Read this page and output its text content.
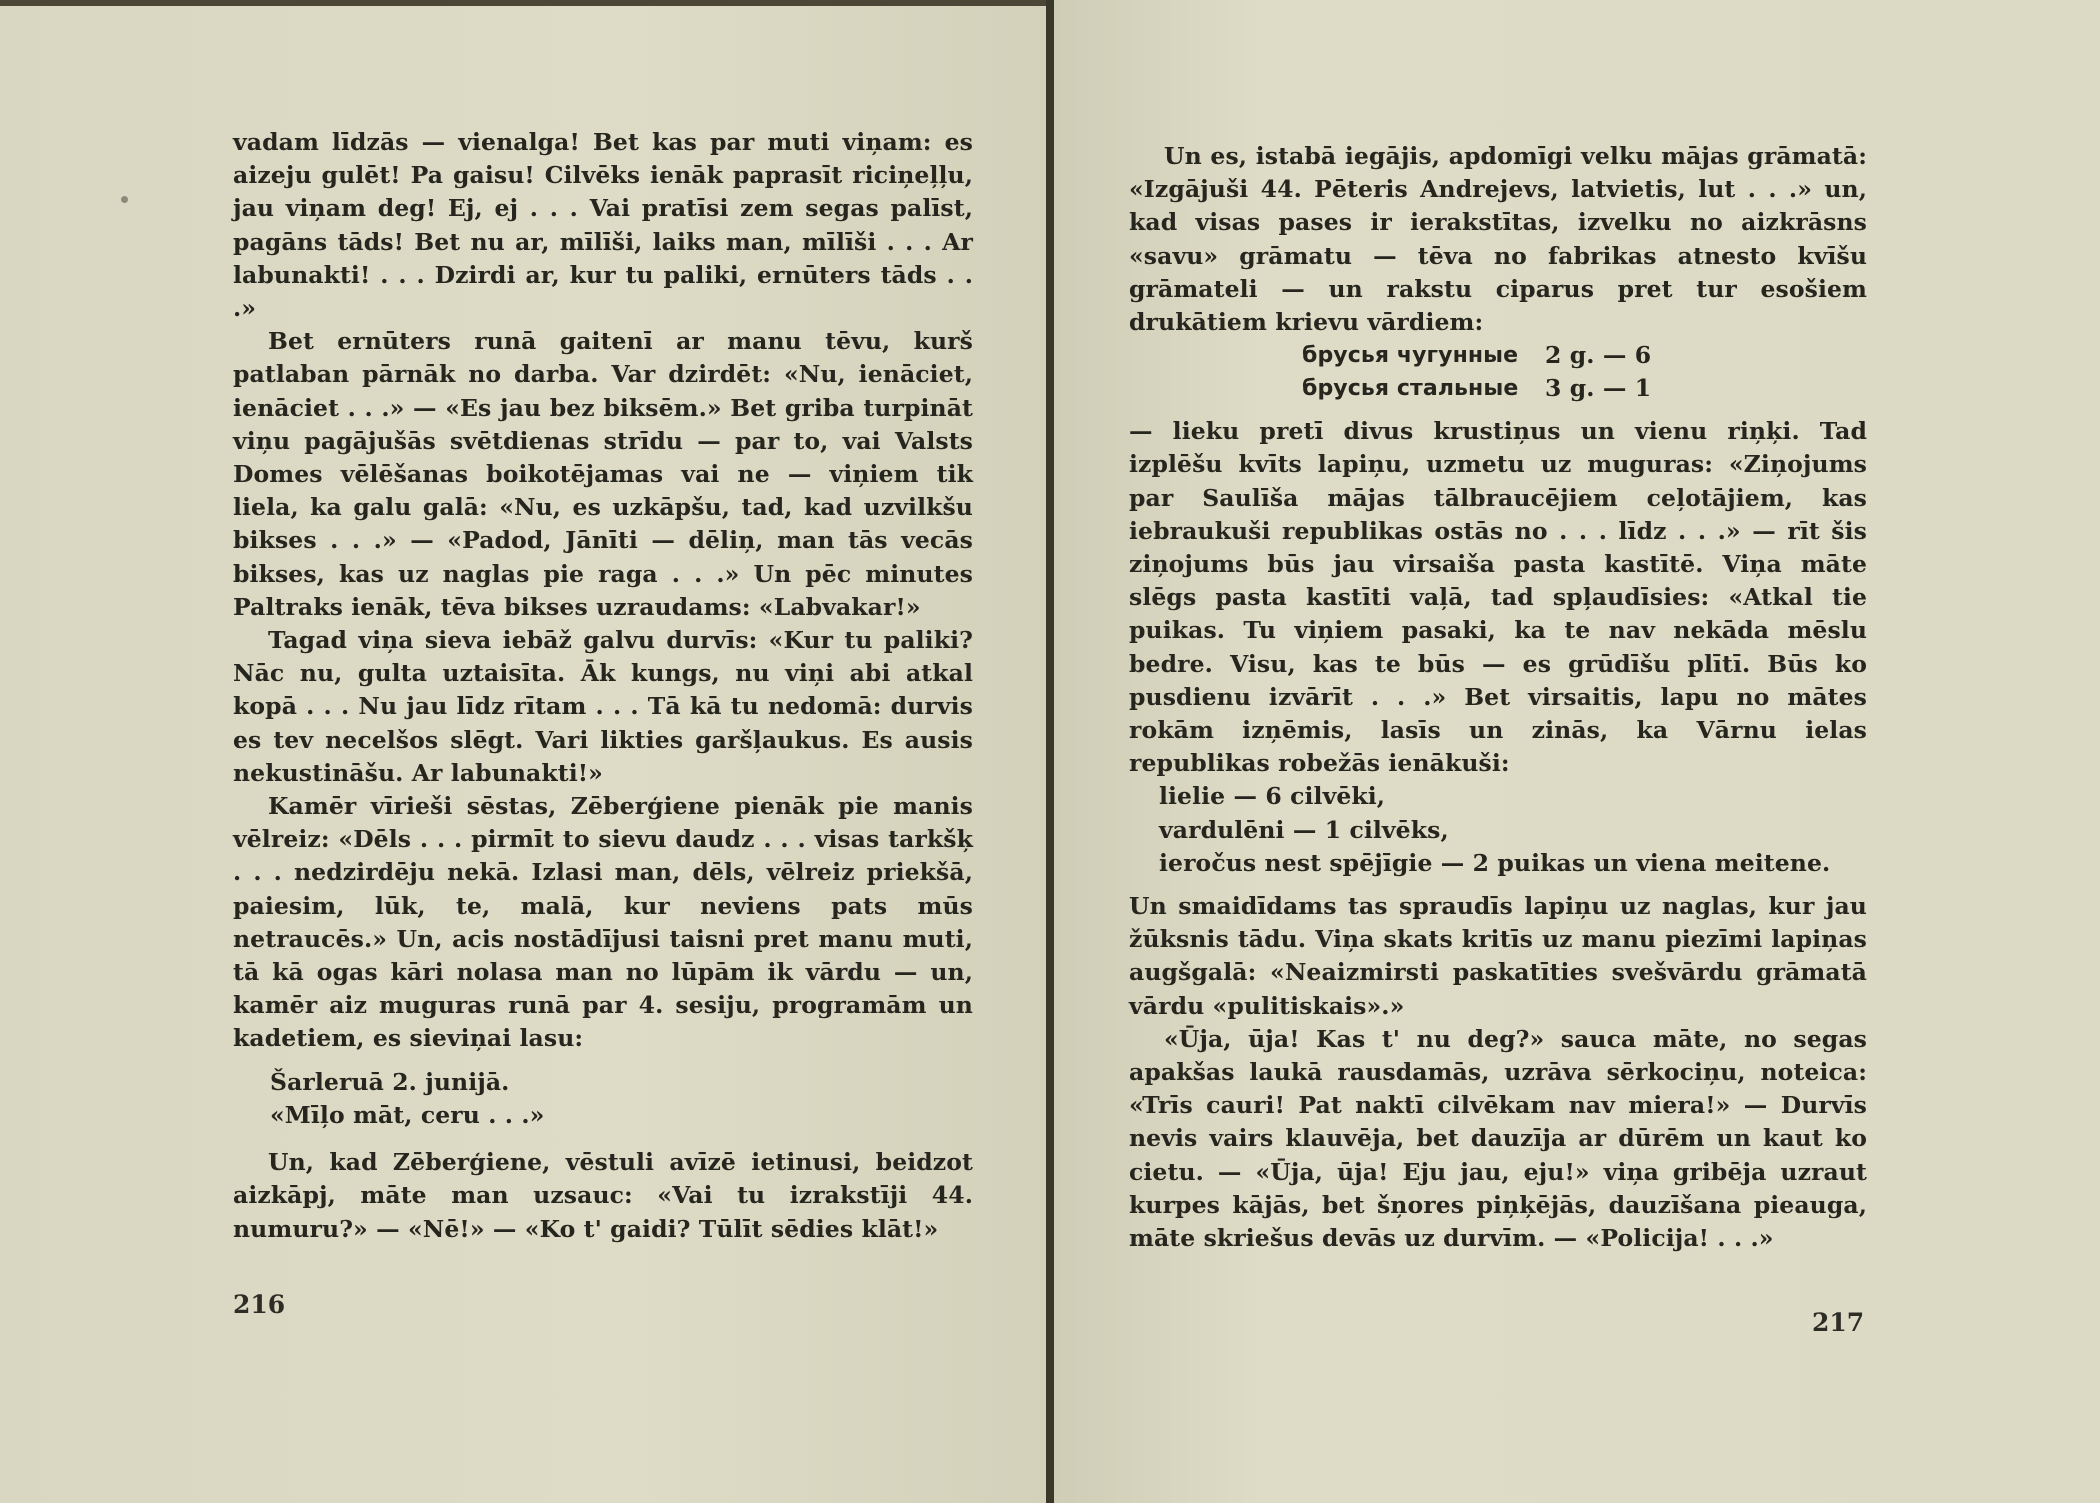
vadam līdzās — vienalga! Bet kas par muti viņam: es aizeju gulēt! Pa gaisu! Cilvēks ienāk paprasīt riciņeļļu, jau viņam deg! Ej, ej . . . Vai pratīsi zem segas palīst, pagāns tāds! Bet nu ar, mīlīši, laiks man, mīlīši . . . Ar labunakti! . . . Dzirdi ar, kur tu paliki, ernūters tāds . . .»

Bet ernūters runā gaitenī ar manu tēvu, kurš patlaban pārnāk no darba. Var dzirdēt: «Nu, ienāciet, ienāciet . . .» — «Es jau bez biksēm.» Bet griba turpināt viņu pagājušās svētdienas strīdu — par to, vai Valsts Domes vēlēšanas boikotējamas vai ne — viņiem tik liela, ka galu galā: «Nu, es uzkāpšu, tad, kad uzvilkšu bikses . . .» — «Padod, Jānīti — dēliņ, man tās vecās bikses, kas uz naglas pie raga . . .» Un pēc minutes Paltraks ienāk, tēva bikses uzraudams: «Labvakar!»

Tagad viņa sieva iebāž galvu durvīs: «Kur tu paliki? Nāc nu, gulta uztaisīta. Āk kungs, nu viņi abi atkal kopā . . . Nu jau līdz rītam . . . Tā kā tu nedomā: durvis es tev necelšos slēgt. Vari likties garšļaukus. Es ausis nekustināšu. Ar labunakti!»

Kamēr vīrieši sēstas, Zēberģiene pienāk pie manis vēlreiz: «Dēls . . . pirmīt to sievu daudz . . . visas tarkšķ . . . nedzirdēju nekā. Izlasi man, dēls, vēlreiz priekšā, paiesim, lūk, te, malā, kur neviens pats mūs netraucēs.» Un, acis nostādījusi taisni pret manu muti, tā kā ogas kāri nolasa man no lūpām ik vārdu — un, kamēr aiz muguras runā par 4. sesiju, programām un kadetiem, es sieviņai lasu:

Šarleruā 2. junijā.

«Mīļo māt, ceru . . .»

Un, kad Zēberģiene, vēstuli avīzē ietinusi, beidzot aizkāpj, māte man uzsauc: «Vai tu izrakstīji 44. numuru?» — «Nē!» — «Ko t' gaidi? Tūlīt sēdies klāt!»

216

Un es, istabā iegājis, apdomīgi velku mājas grāmatā: «Izgājuši 44. Pēteris Andrejevs, latvietis, lut . . .» un, kad visas pases ir ierakstītas, izvelku no aizkrāsns «savu» grāmatu — tēva no fabrikas atnesto kvīšu grāmateli — un rakstu ciparus pret tur esošiem drukātiem krievu vārdiem:

брусья чугунные	2 g. — 6
брусья стальные	3 g. — 1

— lieku pretī divus krustiņus un vienu riņķi. Tad izplēšu kvīts lapiņu, uzmetu uz muguras: «Ziņojums par Saulīša mājas tālbraucējiem ceļotājiem, kas iebraukuši republikas ostās no . . . līdz . . .» — rīt šis ziņojums būs jau virsaiša pasta kastītē. Viņa māte slēgs pasta kastīti vaļā, tad spļaudīsies: «Atkal tie puikas. Tu viņiem pasaki, ka te nav nekāda mēslu bedre. Visu, kas te būs — es grūdīšu plītī. Būs ko pusdienu izvārīt . . .» Bet virsaitis, lapu no mātes rokām izņēmis, lasīs un zinās, ka Vārnu ielas republikas robežās ienākuši:

lielie — 6 cilvēki,

vardulēni — 1 cilvēks,

ieročus nest spējīgie — 2 puikas un viena meitene.

Un smaidīdams tas spraudīs lapiņu uz naglas, kur jau žūksnis tādu. Viņa skats kritīs uz manu piezīmi lapiņas augšgalā: «Neaizmirsti paskatīties svešvārdu grāmatā vārdu «pulitiskais».»

«Ūja, ūja! Kas t' nu deg?» sauca māte, no segas apakšas laukā rausdamās, uzrāva sērkociņu, noteica: «Trīs cauri! Pat naktī cilvēkam nav miera!» — Durvīs nevis vairs klauvēja, bet dauzīja ar dūrēm un kaut ko cietu. — «Ūja, ūja! Eju jau, eju!» viņa gribēja uzraut kurpes kājās, bet šņores piņķējās, dauzīšana pieauga, māte skriešus devās uz durvīm. — «Policija! . . .»

217
